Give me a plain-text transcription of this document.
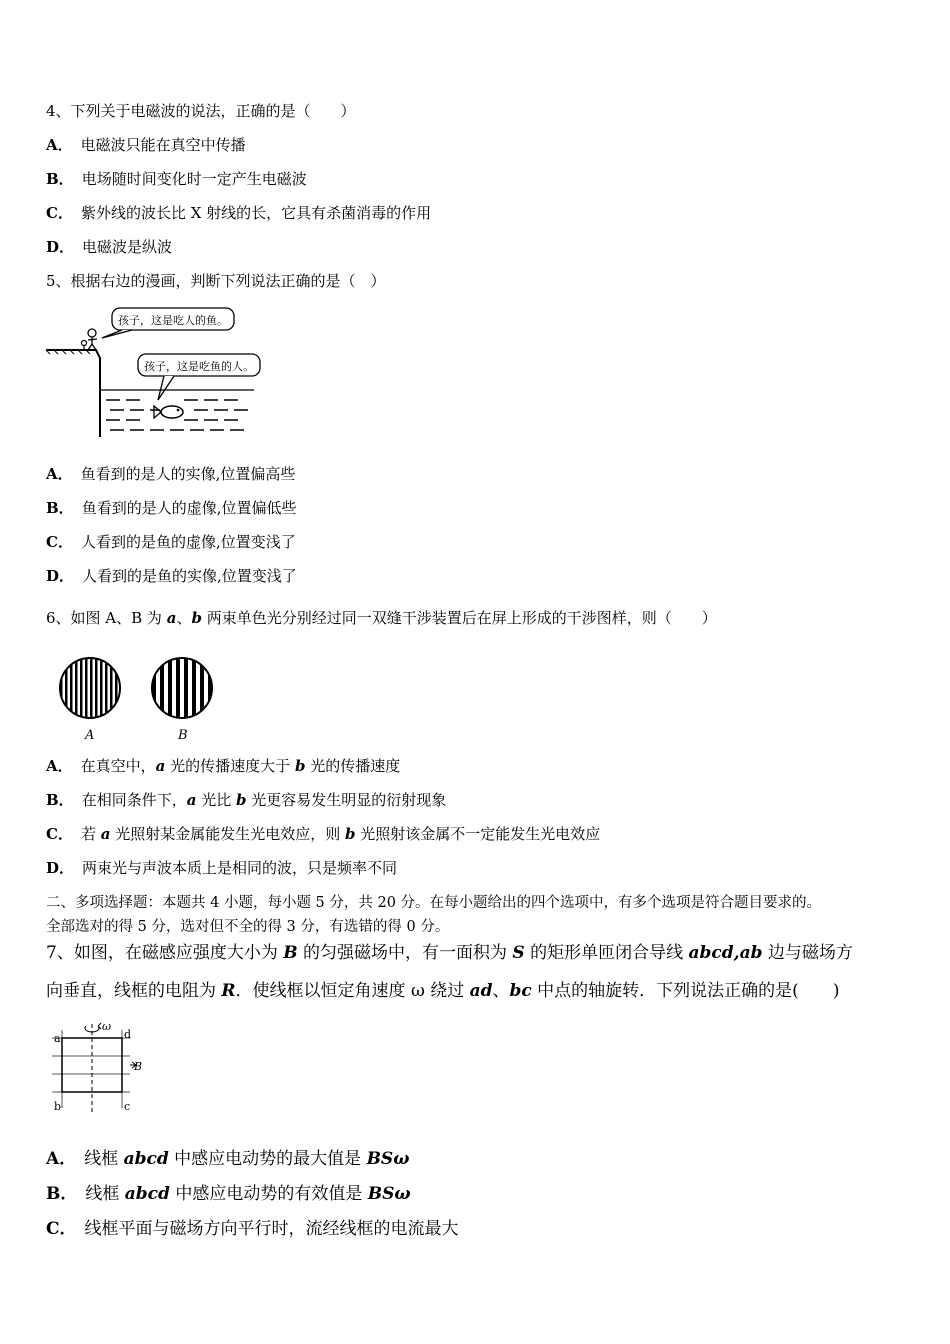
4、下列关于电磁波的说法，正确的是（　　）
A． 电磁波只能在真空中传播
B． 电场随时间变化时一定产生电磁波
C． 紫外线的波长比 X 射线的长，它具有杀菌消毒的作用
D． 电磁波是纵波
5、根据右边的漫画，判断下列说法正确的是（　）
孩子，这是吃人的鱼。
孩子，这是吃鱼的人。
A． 鱼看到的是人的实像,位置偏高些
B． 鱼看到的是人的虚像,位置偏低些
C． 人看到的是鱼的虚像,位置变浅了
D． 人看到的是鱼的实像,位置变浅了
6、如图 A、B 为 a、b 两束单色光分别经过同一双缝干涉装置后在屏上形成的干涉图样，则（　　）
A	B
A． 在真空中，a 光的传播速度大于 b 光的传播速度
B． 在相同条件下，a 光比 b 光更容易发生明显的衍射现象
C． 若 a 光照射某金属能发生光电效应，则 b 光照射该金属不一定能发生光电效应
D． 两束光与声波本质上是相同的波，只是频率不同
二、多项选择题：本题共 4 小题，每小题 5 分，共 20 分。在每小题给出的四个选项中，有多个选项是符合题目要求的。
全部选对的得 5 分，选对但不全的得 3 分，有选错的得 0 分。
7、如图，在磁感应强度大小为 B 的匀强磁场中，有一面积为 S 的矩形单匝闭合导线 abcd,ab 边与磁场方
向垂直，线框的电阻为 R．使线框以恒定角速度 ω 绕过 ad、bc 中点的轴旋转．下列说法正确的是(　　)
ω
a	d
b	c
B
A． 线框 abcd 中感应电动势的最大值是 BSω
B． 线框 abcd 中感应电动势的有效值是 BSω
C． 线框平面与磁场方向平行时，流经线框的电流最大
